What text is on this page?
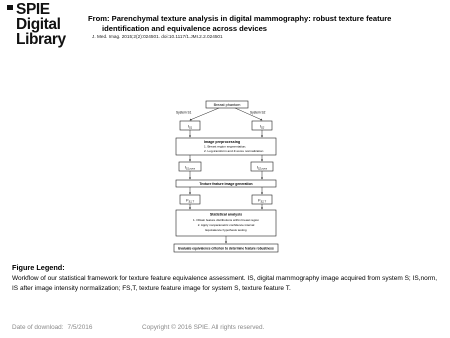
SPIE
Digital
Library
From: Parenchymal texture analysis in digital mammography: robust texture feature
identification and equivalence across devices
J. Med. Imag. 2015;2(2):024501. doi:10.1117/1.JMI.2.2.024501
Breast phantom
System S1	System S2
$I_{S1}$	$I_{S2}$
Image preprocessing
1. Breast region segmentation;
2. Log-transform and Z-score normalization
$I_{S1,norm}$	$I_{S2,norm}$
Texture feature image generation
$F_{S1,T}$	$F_{S2,T}$
Statistical analysis
1. Obtain feature distributions within breast region
2. Apply nonparametric confidence interval
Equivalence hypothesis testing
Evaluate equivalence criterion to determine feature robustness
Figure Legend:
Workflow of our statistical framework for texture feature equivalence assessment. IS, digital mammography image acquired from system S; IS,norm, IS after image intensity normalization; FS,T, texture feature image for system S, texture feature T.
Date of download: 7/5/2016	Copyright © 2016 SPIE. All rights reserved.
